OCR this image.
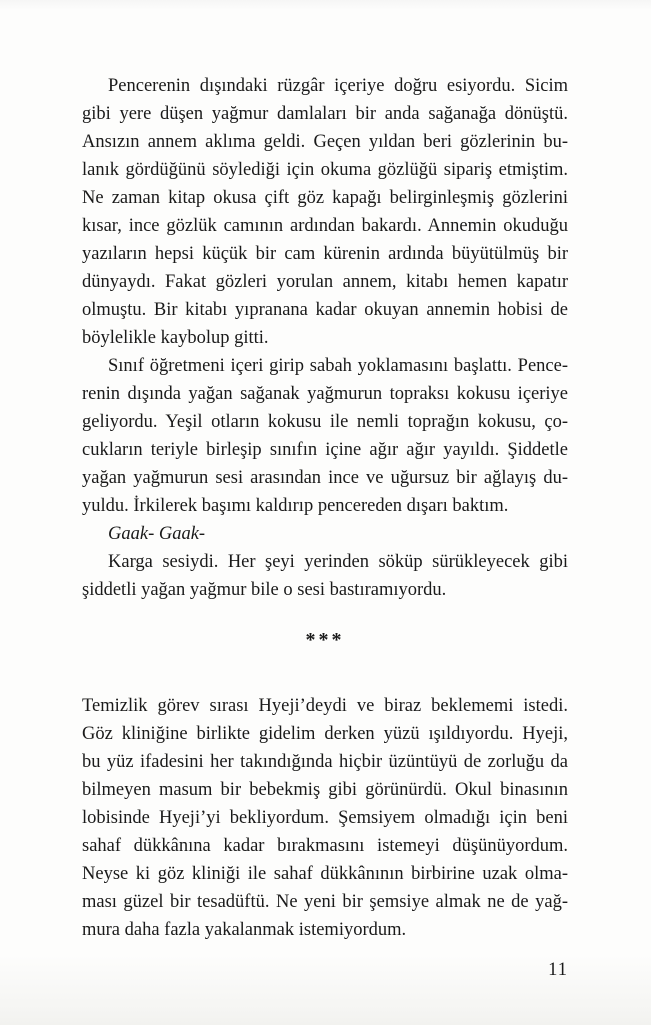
Pencerenin dışındaki rüzgâr içeriye doğru esiyordu. Sicim
gibi yere düşen yağmur damlaları bir anda sağanağa dönüştü.
Ansızın annem aklıma geldi. Geçen yıldan beri gözlerinin bu-
lanık gördüğünü söylediği için okuma gözlüğü sipariş etmiştim.
Ne zaman kitap okusa çift göz kapağı belirginleşmiş gözlerini
kısar, ince gözlük camının ardından bakardı. Annemin okuduğu
yazıların hepsi küçük bir cam kürenin ardında büyütülmüş bir
dünyaydı. Fakat gözleri yorulan annem, kitabı hemen kapatır
olmuştu. Bir kitabı yıpranana kadar okuyan annemin hobisi de
böylelikle kaybolup gitti.
Sınıf öğretmeni içeri girip sabah yoklamasını başlattı. Pence-
renin dışında yağan sağanak yağmurun topraksı kokusu içeriye
geliyordu. Yeşil otların kokusu ile nemli toprağın kokusu, ço-
cukların teriyle birleşip sınıfın içine ağır ağır yayıldı. Şiddetle
yağan yağmurun sesi arasından ince ve uğursuz bir ağlayış du-
yuldu. İrkilerek başımı kaldırıp pencereden dışarı baktım.
Gaak- Gaak-
Karga sesiydi. Her şeyi yerinden söküp sürükleyecek gibi
şiddetli yağan yağmur bile o sesi bastıramıyordu.
***
Temizlik görev sırası Hyeji’deydi ve biraz beklememi istedi.
Göz kliniğine birlikte gidelim derken yüzü ışıldıyordu. Hyeji,
bu yüz ifadesini her takındığında hiçbir üzüntüyü de zorluğu da
bilmeyen masum bir bebekmiş gibi görünürdü. Okul binasının
lobisinde Hyeji’yi bekliyordum. Şemsiyem olmadığı için beni
sahaf dükkânına kadar bırakmasını istemeyi düşünüyordum.
Neyse ki göz kliniği ile sahaf dükkânının birbirine uzak olma-
ması güzel bir tesadüftü. Ne yeni bir şemsiye almak ne de yağ-
mura daha fazla yakalanmak istemiyordum.
11
